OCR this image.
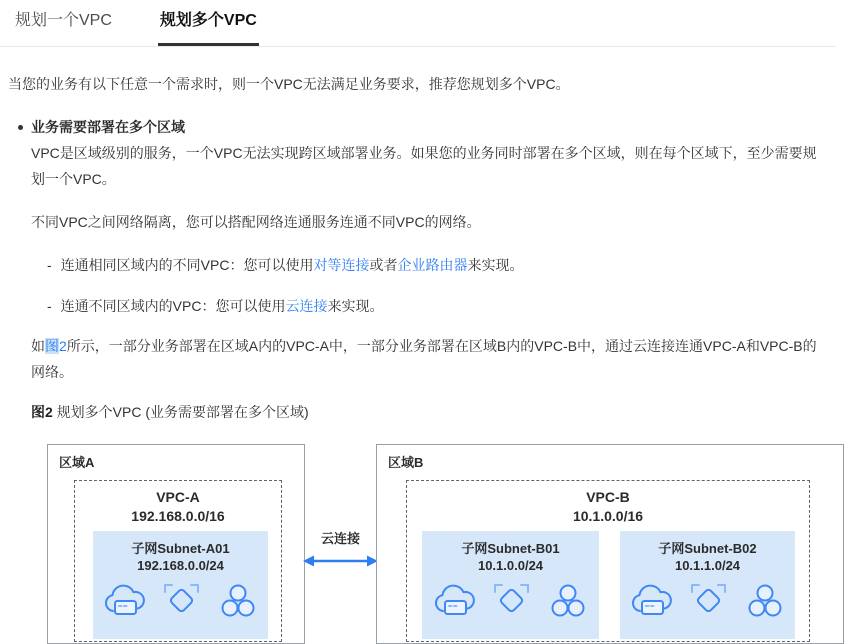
规划一个VPC	规划多个VPC

当您的业务有以下任意一个需求时，则一个VPC无法满足业务要求，推荐您规划多个VPC。

业务需要部署在多个区域

VPC是区域级别的服务，一个VPC无法实现跨区域部署业务。如果您的业务同时部署在多个区域，则在每个区域下，至少需要规划一个VPC。

不同VPC之间网络隔离，您可以搭配网络连通服务连通不同VPC的网络。

- 连通相同区域内的不同VPC：您可以使用对等连接或者企业路由器来实现。
- 连通不同区域内的VPC：您可以使用云连接来实现。

如图2所示，一部分业务部署在区域A内的VPC-A中，一部分业务部署在区域B内的VPC-B中，通过云连接连通VPC-A和VPC-B的网络。

图2 规划多个VPC (业务需要部署在多个区域)

区域A
VPC-A
192.168.0.0/16
子网Subnet-A01
192.168.0.0/24
云连接
区域B
VPC-B
10.1.0.0/16
子网Subnet-B01
10.1.0.0/24
子网Subnet-B02
10.1.1.0/24
